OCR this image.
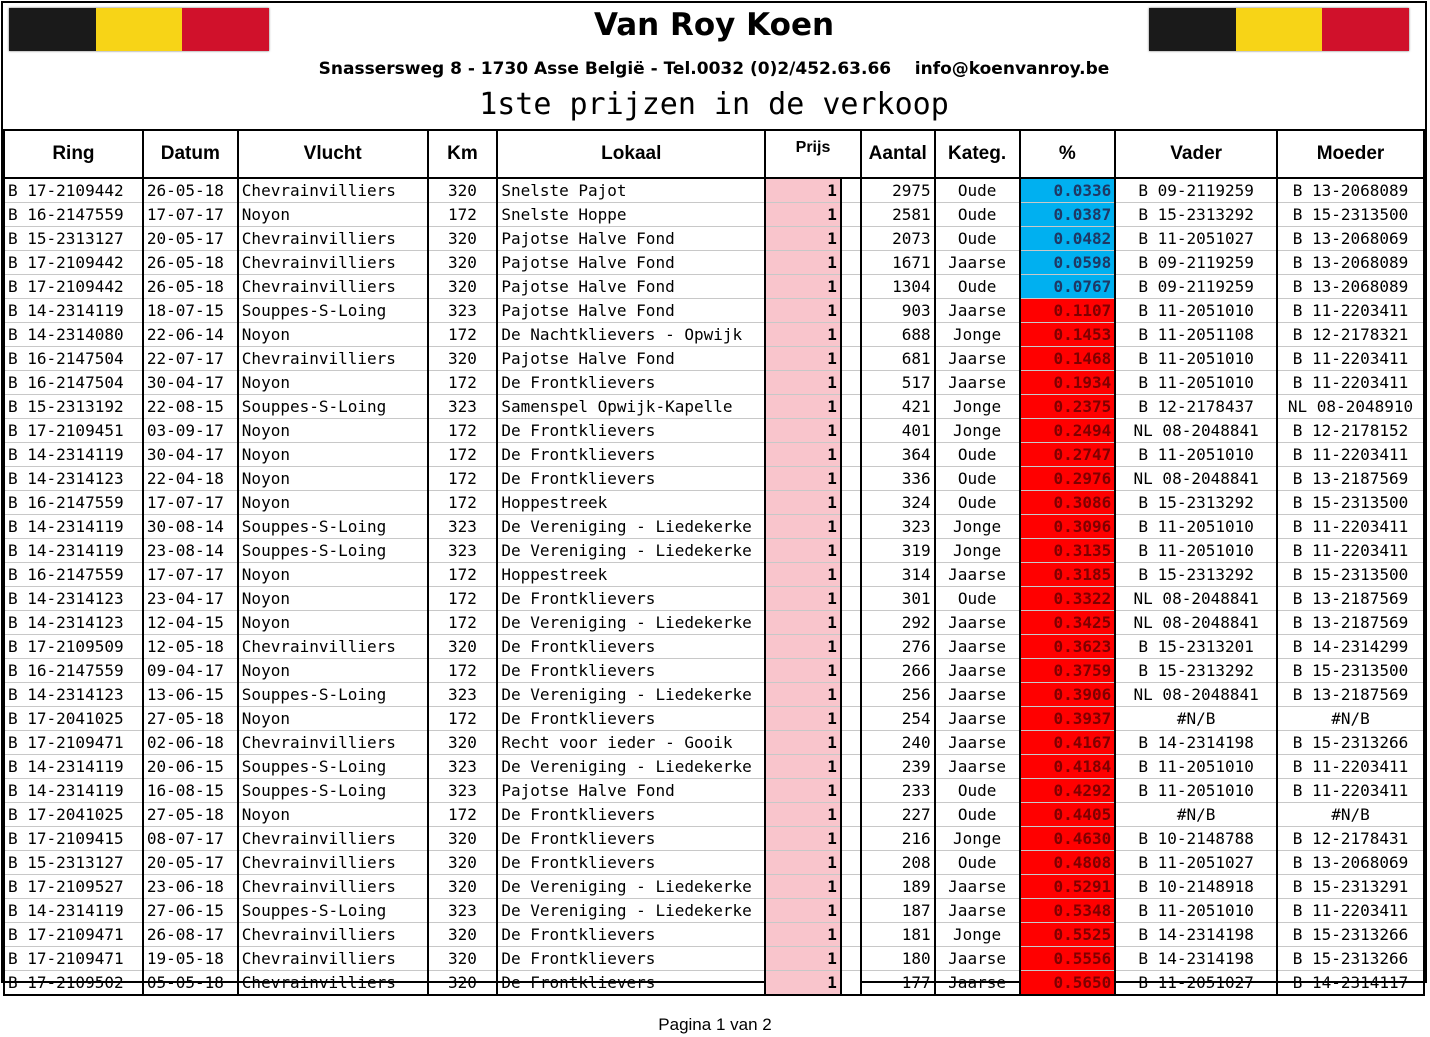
Van Roy Koen
Snassersweg 8 - 1730 Asse België - Tel.0032 (0)2/452.63.66    info@koenvanroy.be
1ste prijzen in de verkoop
Ring	Datum	Vlucht	Km	Lokaal	Prijs		Aantal	Kateg.	%	Vader	Moeder
B 17-2109442	26-05-18	Chevrainvilliers	320	Snelste Pajot	1		2975	Oude	0.0336	B 09-2119259	B 13-2068089
B 16-2147559	17-07-17	Noyon	172	Snelste Hoppe	1		2581	Oude	0.0387	B 15-2313292	B 15-2313500
B 15-2313127	20-05-17	Chevrainvilliers	320	Pajotse Halve Fond	1		2073	Oude	0.0482	B 11-2051027	B 13-2068069
B 17-2109442	26-05-18	Chevrainvilliers	320	Pajotse Halve Fond	1		1671	Jaarse	0.0598	B 09-2119259	B 13-2068089
B 17-2109442	26-05-18	Chevrainvilliers	320	Pajotse Halve Fond	1		1304	Oude	0.0767	B 09-2119259	B 13-2068089
B 14-2314119	18-07-15	Souppes-S-Loing	323	Pajotse Halve Fond	1		903	Jaarse	0.1107	B 11-2051010	B 11-2203411
B 14-2314080	22-06-14	Noyon	172	De Nachtklievers - Opwijk	1		688	Jonge	0.1453	B 11-2051108	B 12-2178321
B 16-2147504	22-07-17	Chevrainvilliers	320	Pajotse Halve Fond	1		681	Jaarse	0.1468	B 11-2051010	B 11-2203411
B 16-2147504	30-04-17	Noyon	172	De Frontklievers	1		517	Jaarse	0.1934	B 11-2051010	B 11-2203411
B 15-2313192	22-08-15	Souppes-S-Loing	323	Samenspel Opwijk-Kapelle	1		421	Jonge	0.2375	B 12-2178437	NL 08-2048910
B 17-2109451	03-09-17	Noyon	172	De Frontklievers	1		401	Jonge	0.2494	NL 08-2048841	B 12-2178152
B 14-2314119	30-04-17	Noyon	172	De Frontklievers	1		364	Oude	0.2747	B 11-2051010	B 11-2203411
B 14-2314123	22-04-18	Noyon	172	De Frontklievers	1		336	Oude	0.2976	NL 08-2048841	B 13-2187569
B 16-2147559	17-07-17	Noyon	172	Hoppestreek	1		324	Oude	0.3086	B 15-2313292	B 15-2313500
B 14-2314119	30-08-14	Souppes-S-Loing	323	De Vereniging - Liedekerke	1		323	Jonge	0.3096	B 11-2051010	B 11-2203411
B 14-2314119	23-08-14	Souppes-S-Loing	323	De Vereniging - Liedekerke	1		319	Jonge	0.3135	B 11-2051010	B 11-2203411
B 16-2147559	17-07-17	Noyon	172	Hoppestreek	1		314	Jaarse	0.3185	B 15-2313292	B 15-2313500
B 14-2314123	23-04-17	Noyon	172	De Frontklievers	1		301	Oude	0.3322	NL 08-2048841	B 13-2187569
B 14-2314123	12-04-15	Noyon	172	De Vereniging - Liedekerke	1		292	Jaarse	0.3425	NL 08-2048841	B 13-2187569
B 17-2109509	12-05-18	Chevrainvilliers	320	De Frontklievers	1		276	Jaarse	0.3623	B 15-2313201	B 14-2314299
B 16-2147559	09-04-17	Noyon	172	De Frontklievers	1		266	Jaarse	0.3759	B 15-2313292	B 15-2313500
B 14-2314123	13-06-15	Souppes-S-Loing	323	De Vereniging - Liedekerke	1		256	Jaarse	0.3906	NL 08-2048841	B 13-2187569
B 17-2041025	27-05-18	Noyon	172	De Frontklievers	1		254	Jaarse	0.3937	#N/B	#N/B
B 17-2109471	02-06-18	Chevrainvilliers	320	Recht voor ieder - Gooik	1		240	Jaarse	0.4167	B 14-2314198	B 15-2313266
B 14-2314119	20-06-15	Souppes-S-Loing	323	De Vereniging - Liedekerke	1		239	Jaarse	0.4184	B 11-2051010	B 11-2203411
B 14-2314119	16-08-15	Souppes-S-Loing	323	Pajotse Halve Fond	1		233	Oude	0.4292	B 11-2051010	B 11-2203411
B 17-2041025	27-05-18	Noyon	172	De Frontklievers	1		227	Oude	0.4405	#N/B	#N/B
B 17-2109415	08-07-17	Chevrainvilliers	320	De Frontklievers	1		216	Jonge	0.4630	B 10-2148788	B 12-2178431
B 15-2313127	20-05-17	Chevrainvilliers	320	De Frontklievers	1		208	Oude	0.4808	B 11-2051027	B 13-2068069
B 17-2109527	23-06-18	Chevrainvilliers	320	De Vereniging - Liedekerke	1		189	Jaarse	0.5291	B 10-2148918	B 15-2313291
B 14-2314119	27-06-15	Souppes-S-Loing	323	De Vereniging - Liedekerke	1		187	Jaarse	0.5348	B 11-2051010	B 11-2203411
B 17-2109471	26-08-17	Chevrainvilliers	320	De Frontklievers	1		181	Jonge	0.5525	B 14-2314198	B 15-2313266
B 17-2109471	19-05-18	Chevrainvilliers	320	De Frontklievers	1		180	Jaarse	0.5556	B 14-2314198	B 15-2313266
B 17-2109502	05-05-18	Chevrainvilliers	320	De Frontklievers	1		177	Jaarse	0.5650	B 11-2051027	B 14-2314117
Pagina 1 van 2
